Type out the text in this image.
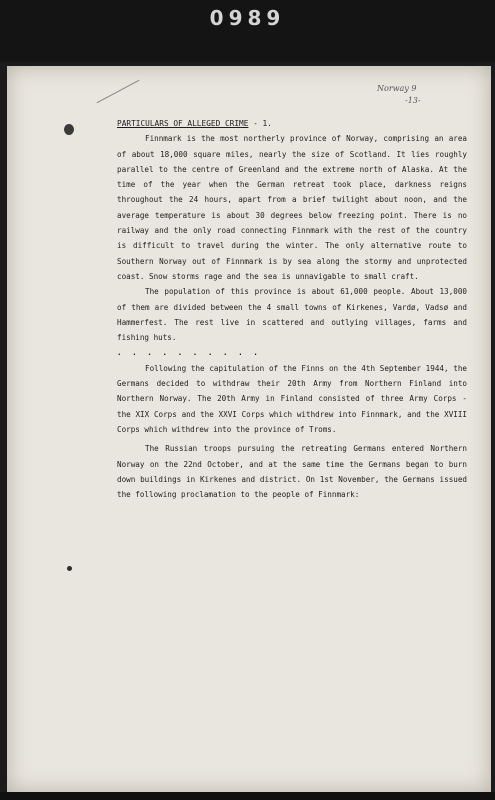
0989
Norway 9
-13-

PARTICULARS OF ALLEGED CRIME - 1.

Finnmark is the most northerly province of Norway, comprising an area of about 18,000 square miles, nearly the size of Scotland. It lies roughly parallel to the centre of Greenland and the extreme north of Alaska. At the time of the year when the German retreat took place, darkness reigns throughout the 24 hours, apart from a brief twilight about noon, and the average temperature is about 30 degrees below freezing point. There is no railway and the only road connecting Finnmark with the rest of the country is difficult to travel during the winter. The only alternative route to Southern Norway out of Finnmark is by sea along the stormy and unprotected coast. Snow storms rage and the sea is unnavigable to small craft.

The population of this province is about 61,000 people. About 13,000 of them are divided between the 4 small towns of Kirkenes, Vardø, Vadsø and Hammerfest. The rest live in scattered and outlying villages, farms and fishing huts.

. . . . . . . . . .

Following the capitulation of the Finns on the 4th September 1944, the Germans decided to withdraw their 20th Army from Northern Finland into Northern Norway. The 20th Army in Finland consisted of three Army Corps - the XIX Corps and the XXVI Corps which withdrew into Finnmark, and the XVIII Corps which withdrew into the province of Troms.

The Russian troops pursuing the retreating Germans entered Northern Norway on the 22nd October, and at the same time the Germans began to burn down buildings in Kirkenes and district. On 1st November, the Germans issued the following proclamation to the people of Finnmark:
